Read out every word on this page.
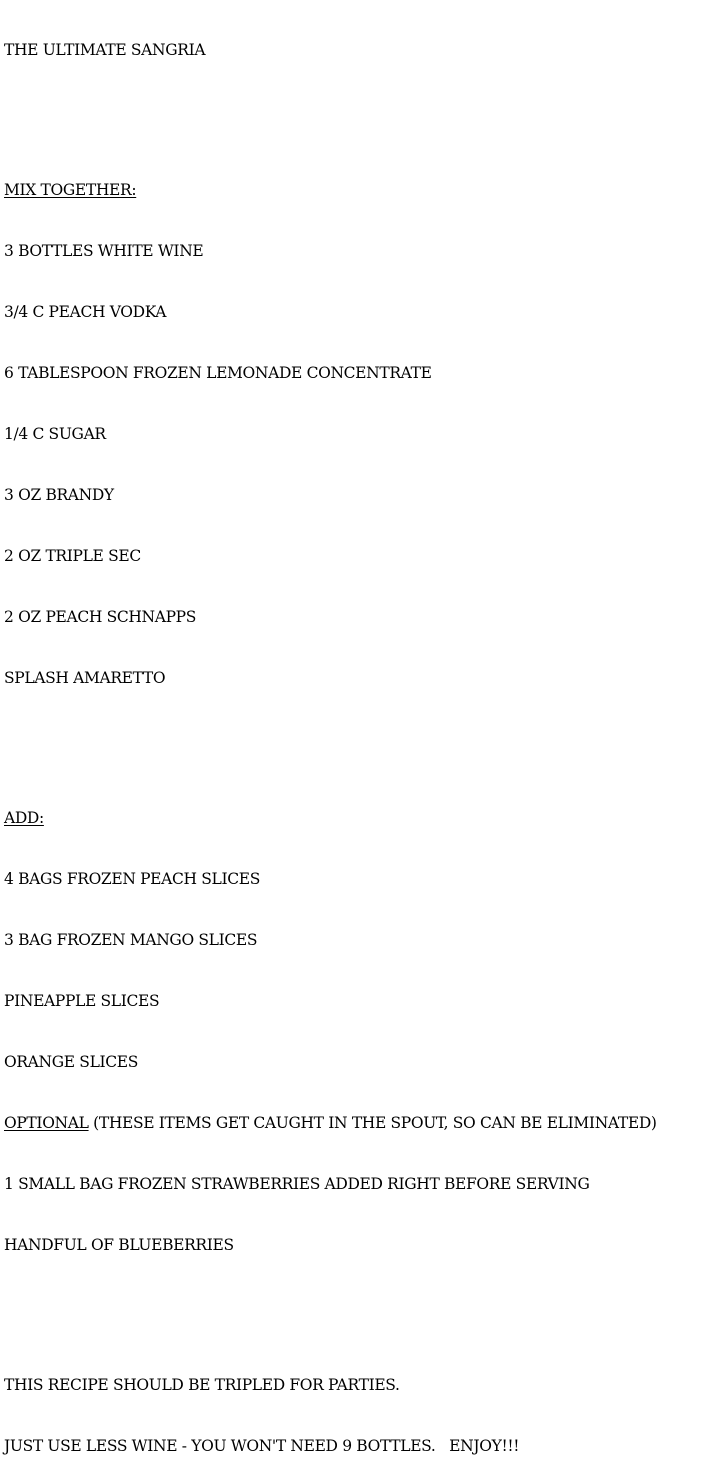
THE ULTIMATE SANGRIA

MIX TOGETHER:

3 BOTTLES WHITE WINE

3/4 C PEACH VODKA

6 TABLESPOON FROZEN LEMONADE CONCENTRATE

1/4 C SUGAR

3 OZ BRANDY

2 OZ TRIPLE SEC

2 OZ PEACH SCHNAPPS

SPLASH AMARETTO

ADD:

4 BAGS FROZEN PEACH SLICES

3 BAG FROZEN MANGO SLICES

PINEAPPLE SLICES

ORANGE SLICES

OPTIONAL (THESE ITEMS GET CAUGHT IN THE SPOUT, SO CAN BE ELIMINATED)

1 SMALL BAG FROZEN STRAWBERRIES ADDED RIGHT BEFORE SERVING

HANDFUL OF BLUEBERRIES

THIS RECIPE SHOULD BE TRIPLED FOR PARTIES.

JUST USE LESS WINE - YOU WON'T NEED 9 BOTTLES.   ENJOY!!!
